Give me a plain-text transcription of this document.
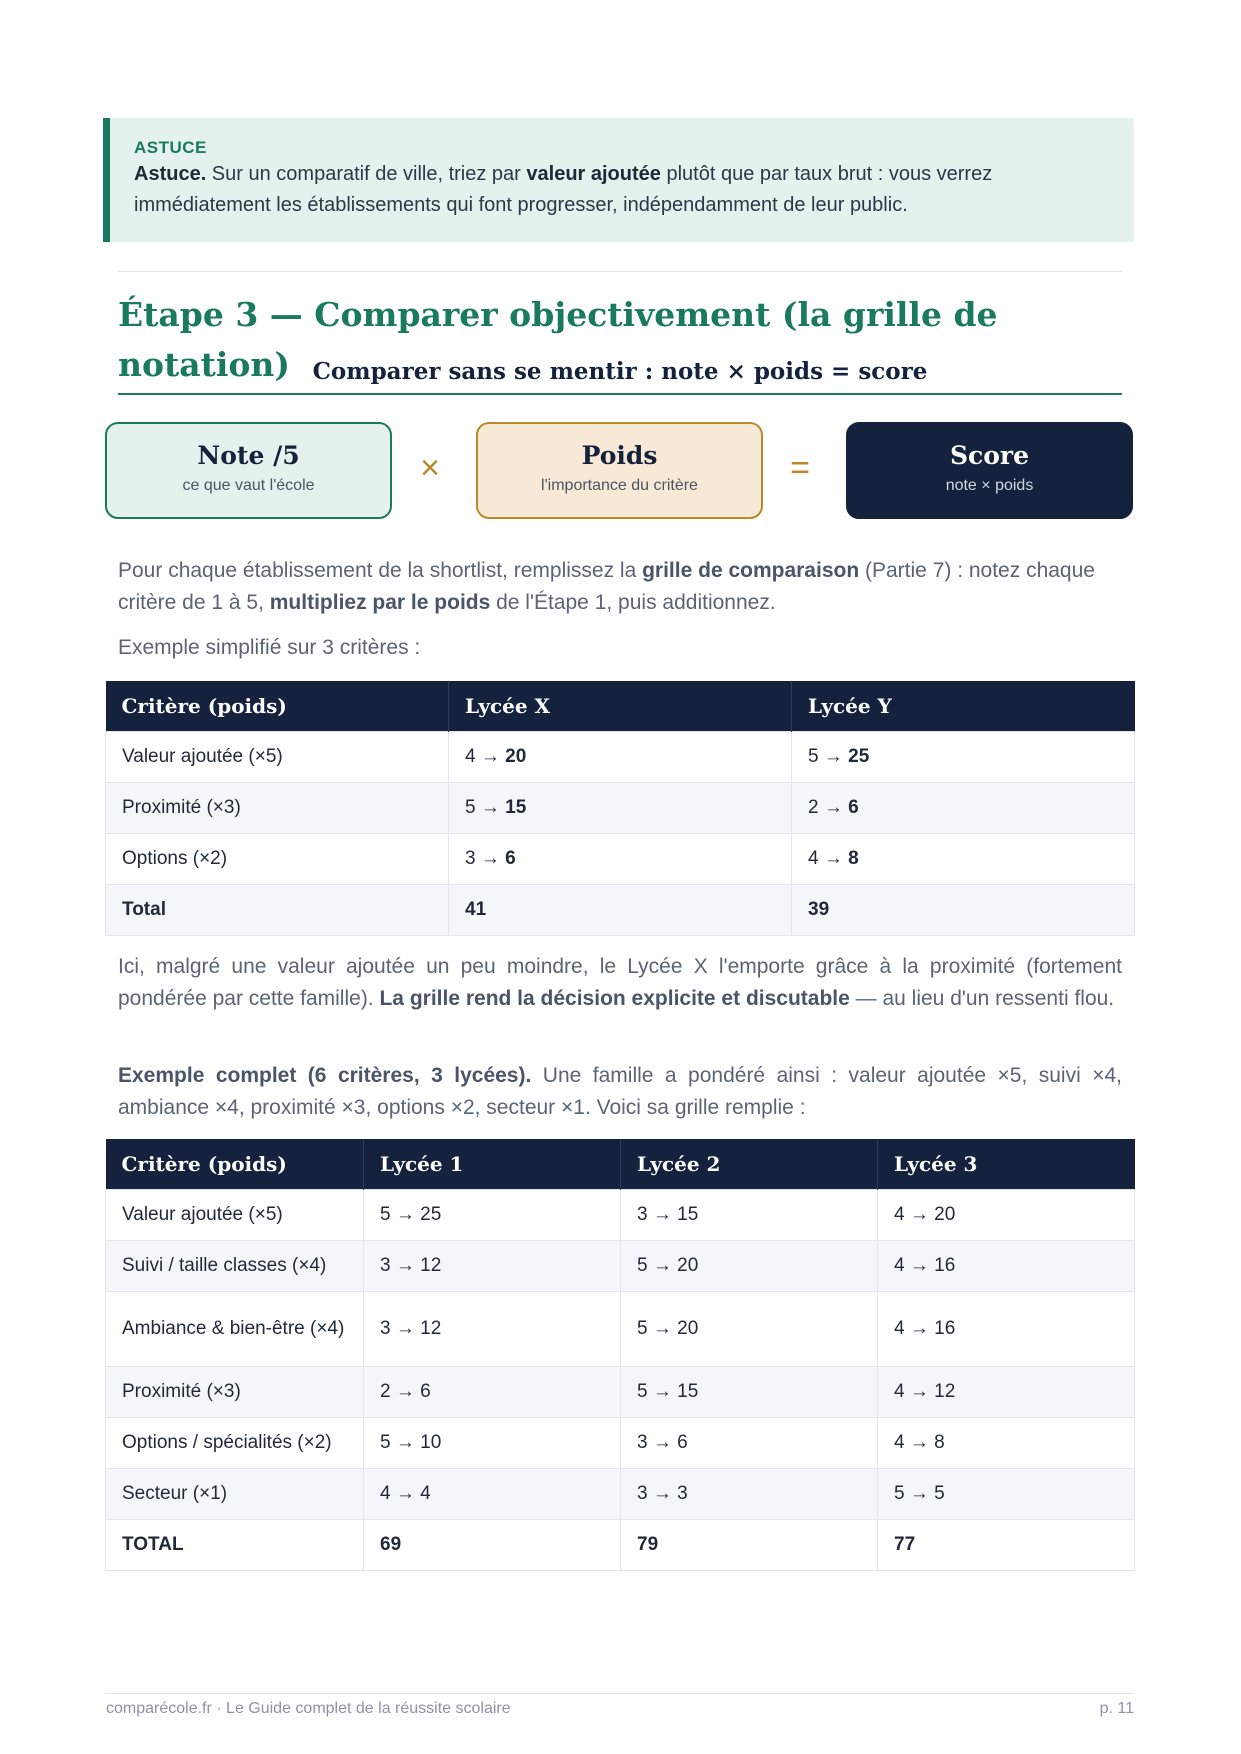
ASTUCE
Astuce. Sur un comparatif de ville, triez par valeur ajoutée plutôt que par taux brut : vous verrez immédiatement les établissements qui font progresser, indépendamment de leur public.
Étape 3 — Comparer objectivement (la grille de notation) Comparer sans se mentir : note × poids = score
Note /5
ce que vaut l'école	×	Poids
l'importance du critère	=	Score
note × poids

Pour chaque établissement de la shortlist, remplissez la grille de comparaison (Partie 7) : notez chaque critère de 1 à 5, multipliez par le poids de l'Étape 1, puis additionnez.

Exemple simplifié sur 3 critères :

Critère (poids)	Lycée X	Lycée Y
Valeur ajoutée (×5)	4 → 20	5 → 25
Proximité (×3)	5 → 15	2 → 6
Options (×2)	3 → 6	4 → 8
Total	41	39

Ici, malgré une valeur ajoutée un peu moindre, le Lycée X l'emporte grâce à la proximité (fortement pondérée par cette famille). La grille rend la décision explicite et discutable — au lieu d'un ressenti flou.

Exemple complet (6 critères, 3 lycées). Une famille a pondéré ainsi : valeur ajoutée ×5, suivi ×4, ambiance ×4, proximité ×3, options ×2, secteur ×1. Voici sa grille remplie :

Critère (poids)	Lycée 1	Lycée 2	Lycée 3
Valeur ajoutée (×5)	5 → 25	3 → 15	4 → 20
Suivi / taille classes (×4)	3 → 12	5 → 20	4 → 16
Ambiance & bien-être (×4)	3 → 12	5 → 20	4 → 16
Proximité (×3)	2 → 6	5 → 15	4 → 12
Options / spécialités (×2)	5 → 10	3 → 6	4 → 8
Secteur (×1)	4 → 4	3 → 3	5 → 5
TOTAL	69	79	77
comparécole.fr · Le Guide complet de la réussite scolaire	p. 11
